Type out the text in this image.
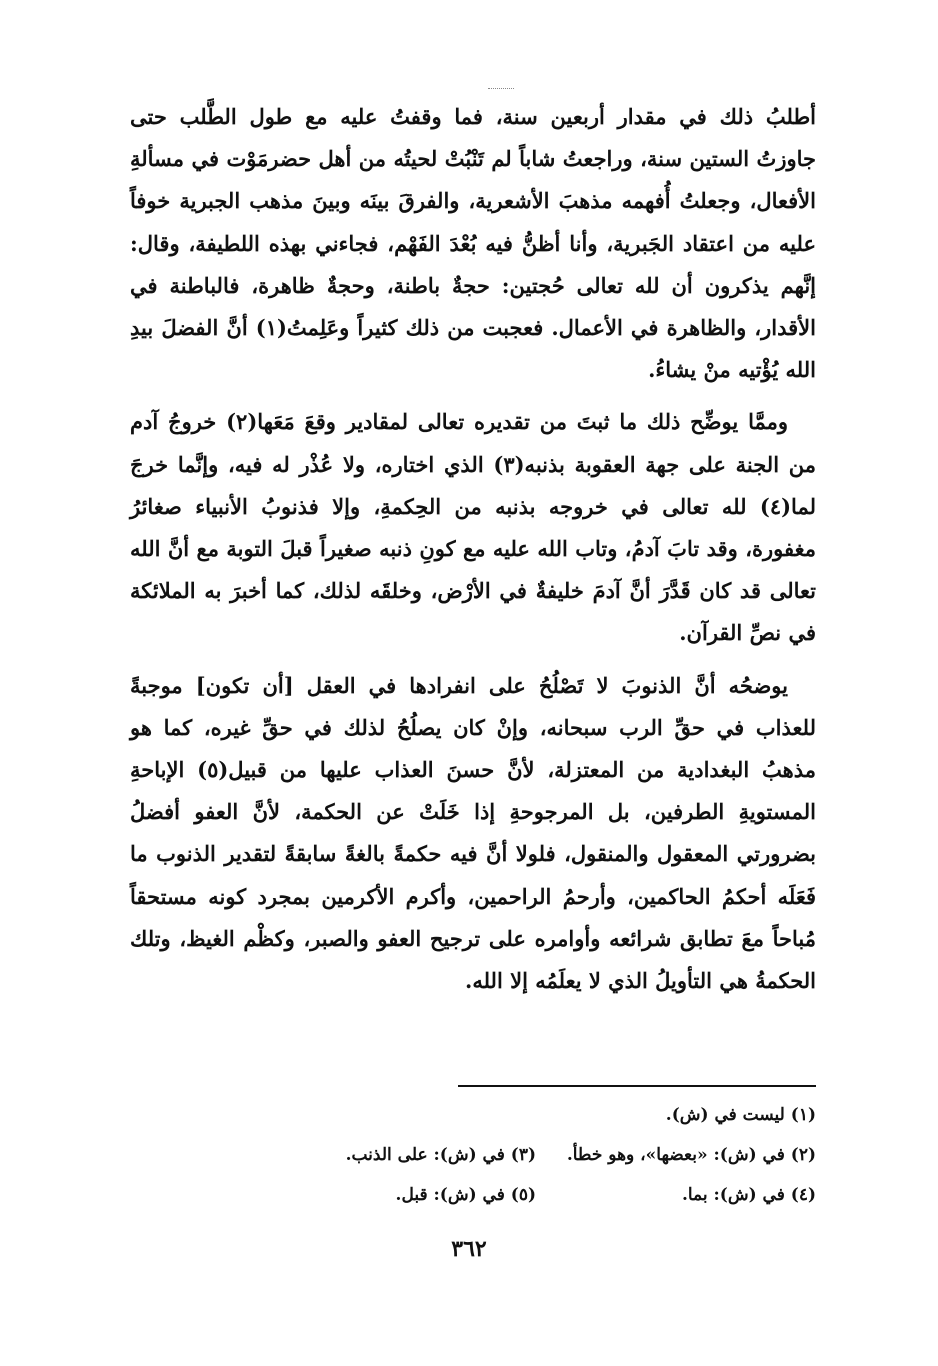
أطلبُ ذلك في مقدار أربعين سنة، فما وقفتُ عليه مع طول الطَّلب حتى جاوزتُ الستين سنة، وراجعتُ شاباً لم تَنْبُتْ لحيتُه من أهل حضرمَوْت في مسألةِ الأفعال، وجعلتُ أُفهمه مذهبَ الأشعرية، والفرقَ بينَه وبينَ مذهب الجبرية خوفاً عليه من اعتقاد الجَبرية، وأنا أظنُّ فيه بُعْدَ الفَهْم، فجاءني بهذه اللطيفة، وقال: إنَّهم يذكرون أن لله تعالى حُجتين: حجةٌ باطنة، وحجةٌ ظاهرة، فالباطنة في الأقدار، والظاهرة في الأعمال. فعجبت من ذلك كثيراً وعَلِمتُ(١) أنَّ الفضلَ بيدِ الله يُؤْتيه منْ يشاءُ.

وممَّا يوضِّح ذلك ما ثبتَ من تقديره تعالى لمقادير وقعَ مَعَها(٢) خروجُ آدم من الجنة على جهة العقوبة بذنبه(٣) الذي اختاره، ولا عُذْر له فيه، وإنَّما خرجَ لما(٤) لله تعالى في خروجه بذنبه من الحِكمةِ، وإلا فذنوبُ الأنبياء صغائرُ مغفورة، وقد تابَ آدمُ، وتاب الله عليه مع كونِ ذنبه صغيراً قبلَ التوبة مع أنَّ الله تعالى قد كان قَدَّرَ أنَّ آدمَ خليفةٌ في الأرْض، وخلقَه لذلك، كما أخبرَ به الملائكة في نصِّ القرآن.

يوضحُه أنَّ الذنوبَ لا تَصْلُحُ على انفرادها في العقل [أن تكون] موجبةً للعذاب في حقِّ الرب سبحانه، وإنْ كان يصلُحُ لذلك في حقِّ غيره، كما هو مذهبُ البغدادية من المعتزلة، لأنَّ حسنَ العذاب عليها من قبيل(٥) الإباحةِ المستويةِ الطرفين، بل المرجوحةِ إذا خَلَتْ عن الحكمة، لأنَّ العفو أفضلُ بضرورتي المعقول والمنقول، فلولا أنَّ فيه حكمةً بالغةً سابقةً لتقدير الذنوب ما فَعَلَه أحكمُ الحاكمين، وأرحمُ الراحمين، وأكرم الأكرمين بمجرد كونه مستحقاً مُباحاً معَ تطابق شرائعه وأوامره على ترجيح العفو والصبر، وكظْم الغيظ، وتلك الحكمةُ هي التأويلُ الذي لا يعلَمُه إلا الله.

(١) ليست في (ش).
(٢) في (ش): «بعضها»، وهو خطأ.
(٣) في (ش): على الذنب.
(٤) في (ش): بما.
(٥) في (ش): قبل.
٣٦٢
